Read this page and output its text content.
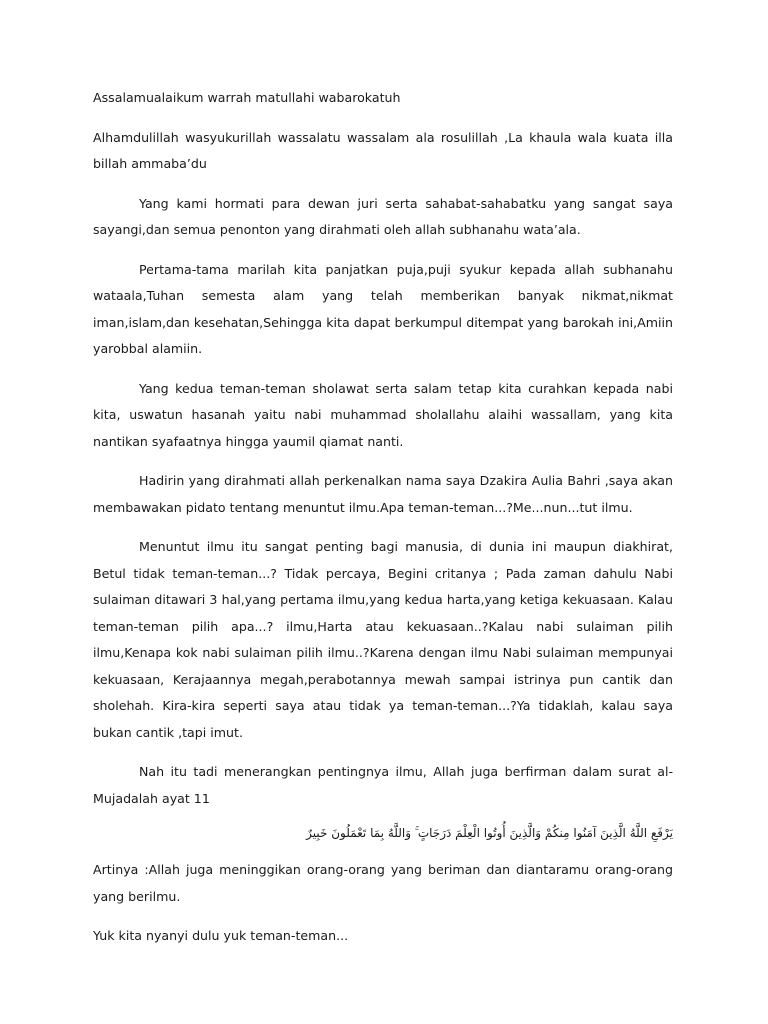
Assalamualaikum warrah matullahi wabarokatuh

Alhamdulillah wasyukurillah wassalatu wassalam ala rosulillah ,La khaula wala kuata illa billah ammaba’du

Yang kami hormati para dewan juri serta sahabat-sahabatku yang sangat saya sayangi,dan semua penonton yang dirahmati oleh allah subhanahu wata’ala.

Pertama-tama marilah kita panjatkan puja,puji syukur kepada allah subhanahu wataala,Tuhan semesta alam yang telah memberikan banyak nikmat,nikmat iman,islam,dan kesehatan,Sehingga kita dapat berkumpul ditempat yang barokah ini,Amiin yarobbal alamiin.

Yang kedua teman-teman sholawat serta salam tetap kita curahkan kepada nabi kita, uswatun hasanah yaitu nabi muhammad sholallahu alaihi wassallam, yang kita nantikan syafaatnya hingga yaumil qiamat nanti.

Hadirin yang dirahmati allah perkenalkan nama saya Dzakira Aulia Bahri ,saya akan membawakan pidato tentang menuntut ilmu.Apa teman-teman...?Me...nun...tut ilmu.

Menuntut ilmu itu sangat penting bagi manusia, di dunia ini maupun diakhirat, Betul tidak teman-teman...? Tidak percaya, Begini critanya ; Pada zaman dahulu Nabi sulaiman ditawari 3 hal,yang pertama ilmu,yang kedua harta,yang ketiga kekuasaan. Kalau teman-teman pilih apa...? ilmu,Harta atau kekuasaan..?Kalau nabi sulaiman pilih ilmu,Kenapa kok nabi sulaiman pilih ilmu..?Karena dengan ilmu Nabi sulaiman mempunyai kekuasaan, Kerajaannya megah,perabotannya mewah sampai istrinya pun cantik dan sholehah. Kira-kira seperti saya atau tidak ya teman-teman...?Ya tidaklah, kalau saya bukan cantik ,tapi imut.

Nah itu tadi menerangkan pentingnya ilmu, Allah juga berfirman dalam surat al-Mujadalah ayat 11

يَرْفَعِ اللَّهُ الَّذِينَ آمَنُوا مِنكُمْ وَالَّذِينَ أُوتُوا الْعِلْمَ دَرَجَاتٍ ۚ وَاللَّهُ بِمَا تَعْمَلُونَ خَبِيرٌ

Artinya :Allah juga meninggikan orang-orang yang beriman dan diantaramu orang-orang yang berilmu.

Yuk kita nyanyi dulu yuk teman-teman...
